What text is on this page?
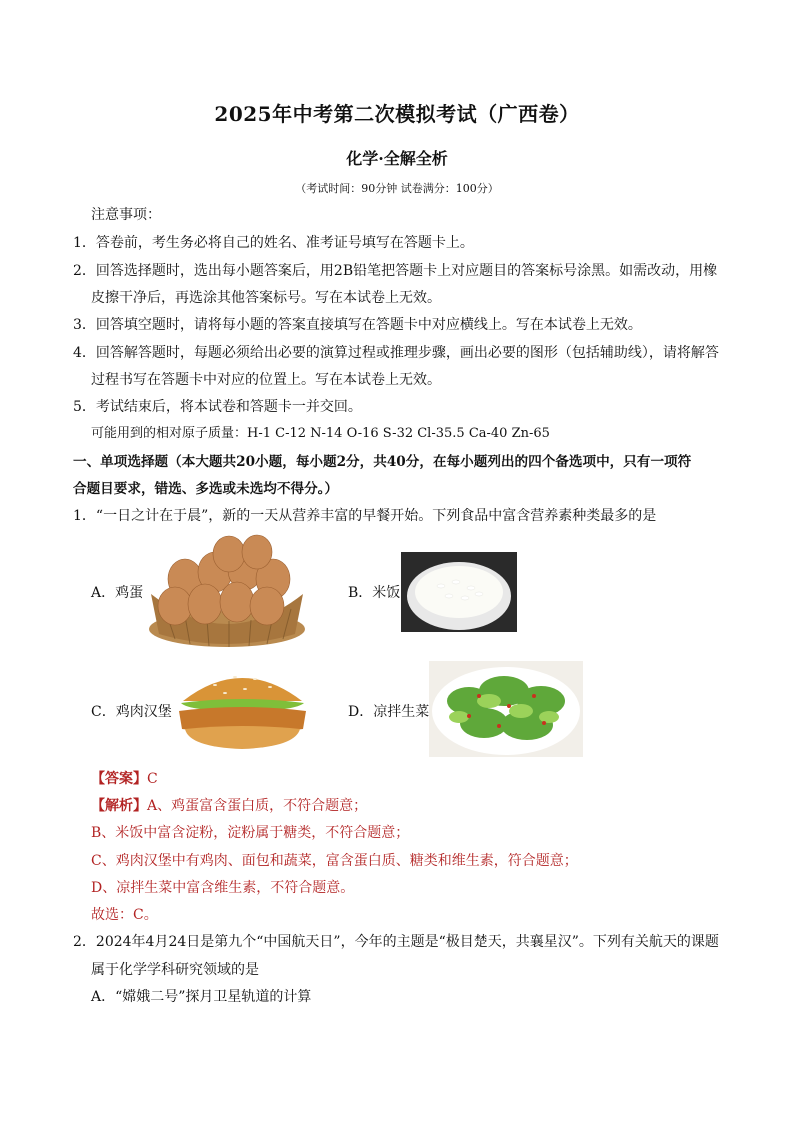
2025年中考第二次模拟考试（广西卷）
化学·全解全析
（考试时间：90分钟 试卷满分：100分）
注意事项：
1．答卷前，考生务必将自己的姓名、准考证号填写在答题卡上。
2．回答选择题时，选出每小题答案后，用2B铅笔把答题卡上对应题目的答案标号涂黑。如需改动，用橡
皮擦干净后，再选涂其他答案标号。写在本试卷上无效。
3．回答填空题时，请将每小题的答案直接填写在答题卡中对应横线上。写在本试卷上无效。
4．回答解答题时，每题必须给出必要的演算过程或推理步骤，画出必要的图形（包括辅助线），请将解答
过程书写在答题卡中对应的位置上。写在本试卷上无效。
5．考试结束后，将本试卷和答题卡一并交回。
可能用到的相对原子质量：H-1 C-12 N-14 O-16 S-32 Cl-35.5 Ca-40 Zn-65
一、单项选择题（本大题共20小题，每小题2分，共40分，在每小题列出的四个备选项中，只有一项符
合题目要求，错选、多选或未选均不得分。）
1．“一日之计在于晨”，新的一天从营养丰富的早餐开始。下列食品中富含营养素种类最多的是
A．鸡蛋	B．米饭
C．鸡肉汉堡	D．凉拌生菜
【答案】C
【解析】A、鸡蛋富含蛋白质，不符合题意；
B、米饭中富含淀粉，淀粉属于糖类，不符合题意；
C、鸡肉汉堡中有鸡肉、面包和蔬菜，富含蛋白质、糖类和维生素，符合题意；
D、凉拌生菜中富含维生素，不符合题意。
故选：C。
2．2024年4月24日是第九个“中国航天日”，今年的主题是“极目楚天，共襄星汉”。下列有关航天的课题
属于化学学科研究领域的是
A．“嫦娥二号”探月卫星轨道的计算
